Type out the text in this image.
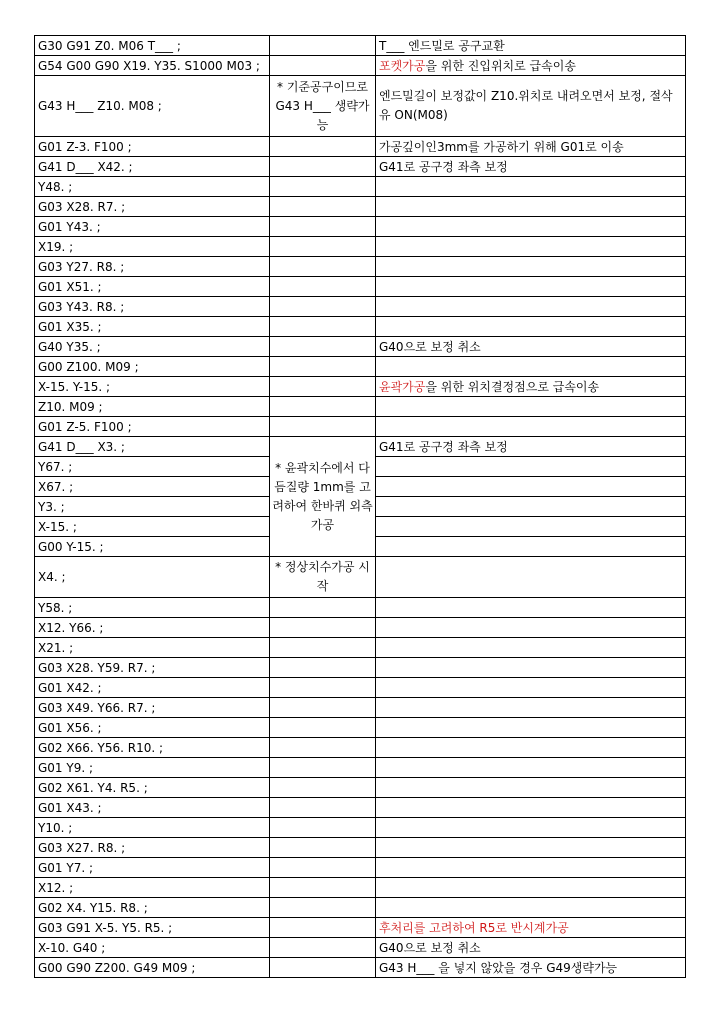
G30 G91 Z0. M06 T___ ;		T___ 엔드밀로 공구교환
G54 G00 G90 X19. Y35. S1000 M03 ;		포켓가공을 위한 진입위치로 급속이송
G43 H___ Z10. M08 ;	* 기준공구이므로 G43 H___ 생략가능	엔드밀길이 보정값이 Z10.위치로 내려오면서 보정, 절삭유 ON(M08)
G01 Z-3. F100 ;		가공깊이인3mm를 가공하기 위해 G01로 이송
G41 D___ X42. ;		G41로 공구경 좌측 보정
Y48. ;		
G03 X28. R7. ;		
G01 Y43. ;		
X19. ;		
G03 Y27. R8. ;		
G01 X51. ;		
G03 Y43. R8. ;		
G01 X35. ;		
G40 Y35. ;		G40으로 보정 취소
G00 Z100. M09 ;		
X-15. Y-15. ;		윤곽가공을 위한 위치결정점으로 급속이송
Z10. M09 ;		
G01 Z-5. F100 ;		
G41 D___ X3. ;	* 윤곽치수에서 다듬질량 1mm를 고려하여 한바퀴 외측가공	G41로 공구경 좌측 보정
Y67. ;		
X67. ;		
Y3. ;		
X-15. ;		
G00 Y-15. ;		
X4. ;	* 정상치수가공 시작	
Y58. ;		
X12. Y66. ;		
X21. ;		
G03 X28. Y59. R7. ;		
G01 X42. ;		
G03 X49. Y66. R7. ;		
G01 X56. ;		
G02 X66. Y56. R10. ;		
G01 Y9. ;		
G02 X61. Y4. R5. ;		
G01 X43. ;		
Y10. ;		
G03 X27. R8. ;		
G01 Y7. ;		
X12. ;		
G02 X4. Y15. R8. ;		
G03 G91 X-5. Y5. R5. ;		후처리를 고려하여 R5로 반시계가공
X-10. G40 ;		G40으로 보정 취소
G00 G90 Z200. G49 M09 ;		G43 H___ 을 넣지 않았을 경우 G49생략가능
